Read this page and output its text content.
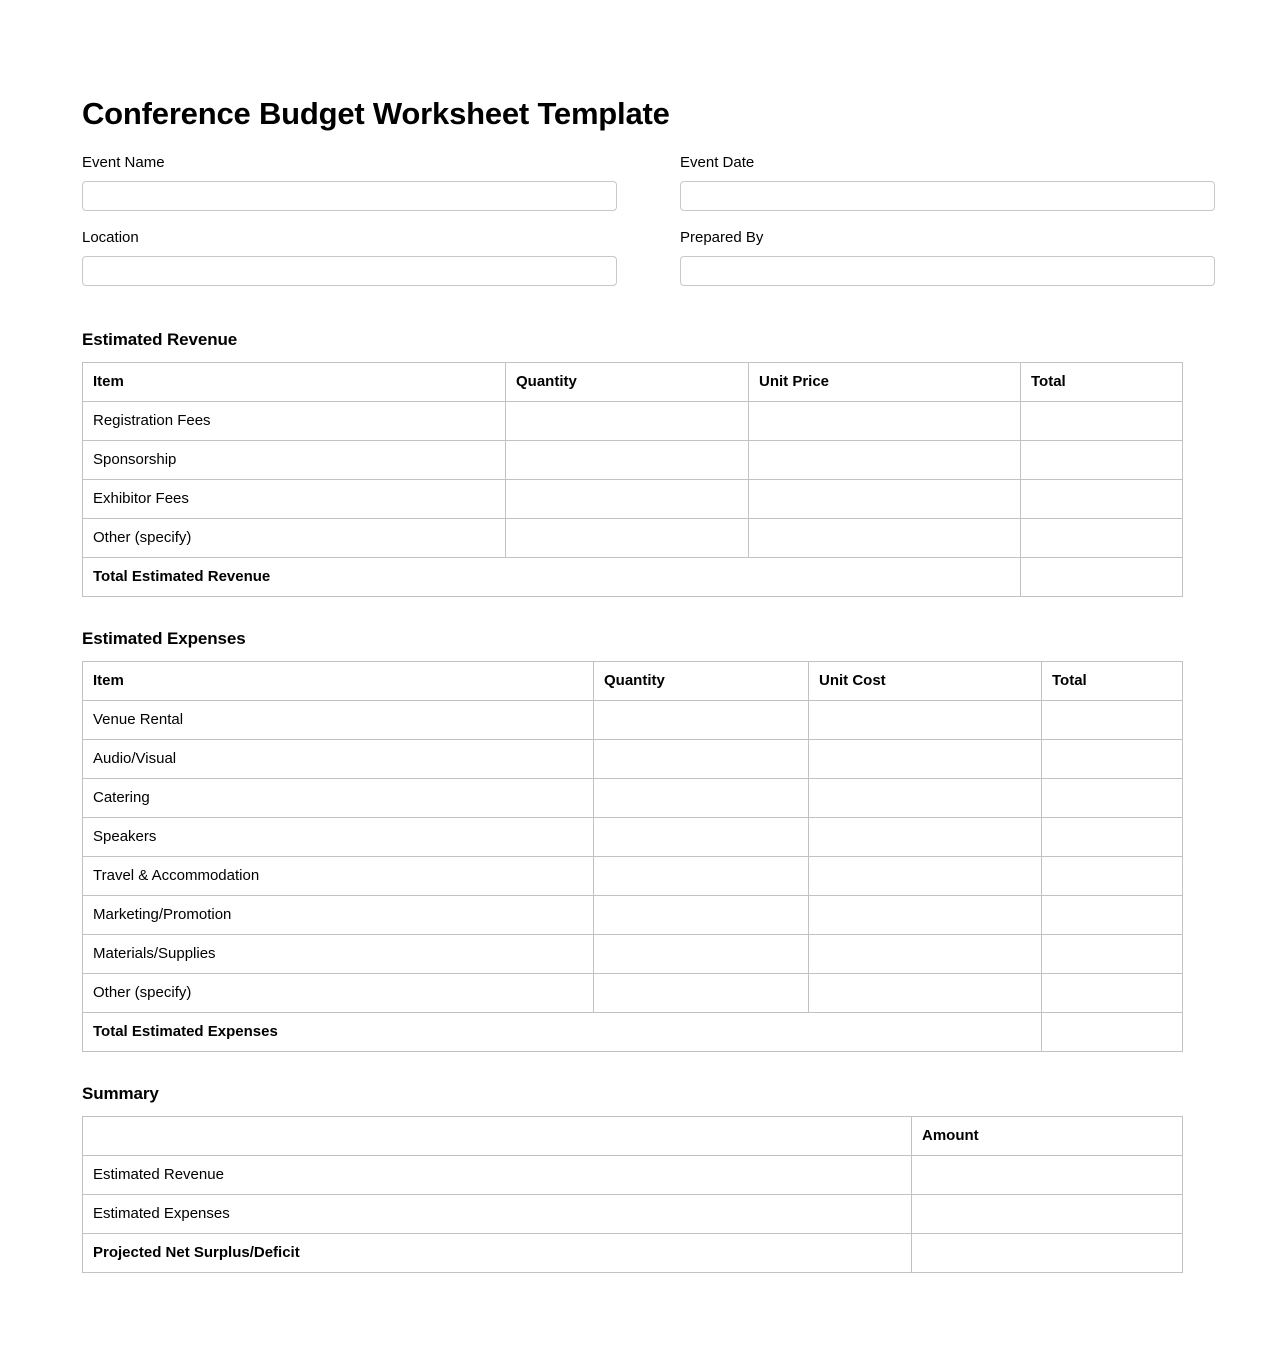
Conference Budget Worksheet Template
Event Name	Event Date
Location	Prepared By
Estimated Revenue
Item	Quantity	Unit Price	Total
Registration Fees			
Sponsorship			
Exhibitor Fees			
Other (specify)			
Total Estimated Revenue			
Estimated Expenses
Item	Quantity	Unit Cost	Total
Venue Rental			
Audio/Visual			
Catering			
Speakers			
Travel & Accommodation			
Marketing/Promotion			
Materials/Supplies			
Other (specify)			
Total Estimated Expenses			
Summary
	Amount
Estimated Revenue	
Estimated Expenses	
Projected Net Surplus/Deficit	
